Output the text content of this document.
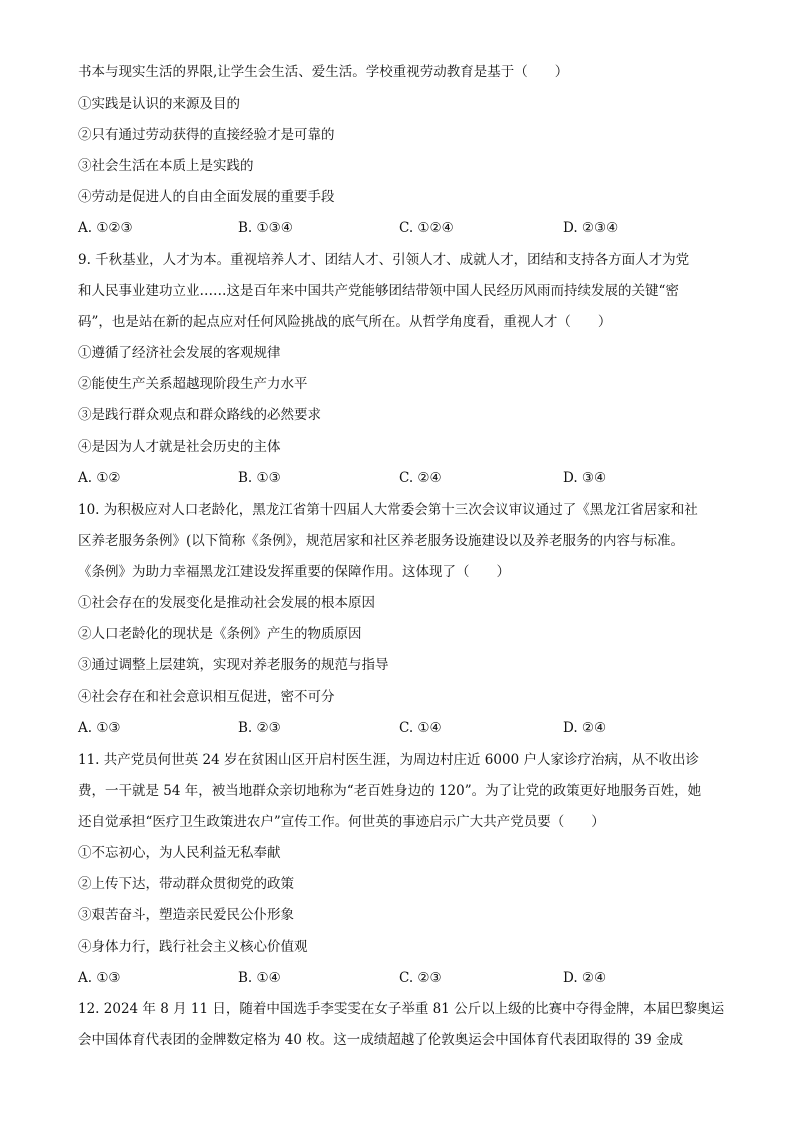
书本与现实生活的界限,让学生会生活、爱生活。学校重视劳动教育是基于（　　）
①实践是认识的来源及目的
②只有通过劳动获得的直接经验才是可靠的
③社会生活在本质上是实践的
④劳动是促进人的自由全面发展的重要手段
A. ①②③	B. ①③④	C. ①②④	D. ②③④
9. 千秋基业，人才为本。重视培养人才、团结人才、引领人才、成就人才，团结和支持各方面人才为党
和人民事业建功立业……这是百年来中国共产党能够团结带领中国人民经历风雨而持续发展的关键“密
码”，也是站在新的起点应对任何风险挑战的底气所在。从哲学角度看，重视人才（　　）
①遵循了经济社会发展的客观规律
②能使生产关系超越现阶段生产力水平
③是践行群众观点和群众路线的必然要求
④是因为人才就是社会历史的主体
A. ①②	B. ①③	C. ②④	D. ③④
10. 为积极应对人口老龄化，黑龙江省第十四届人大常委会第十三次会议审议通过了《黑龙江省居家和社
区养老服务条例》(以下简称《条例》，规范居家和社区养老服务设施建设以及养老服务的内容与标准。
《条例》为助力幸福黑龙江建设发挥重要的保障作用。这体现了（　　）
①社会存在的发展变化是推动社会发展的根本原因
②人口老龄化的现状是《条例》产生的物质原因
③通过调整上层建筑，实现对养老服务的规范与指导
④社会存在和社会意识相互促进，密不可分
A. ①③	B. ②③	C. ①④	D. ②④
11. 共产党员何世英 24 岁在贫困山区开启村医生涯，为周边村庄近 6000 户人家诊疗治病，从不收出诊
费，一干就是 54 年，被当地群众亲切地称为“老百姓身边的 120”。为了让党的政策更好地服务百姓，她
还自觉承担“医疗卫生政策进农户”宣传工作。何世英的事迹启示广大共产党员要（　　）
①不忘初心，为人民利益无私奉献
②上传下达，带动群众贯彻党的政策
③艰苦奋斗，塑造亲民爱民公仆形象
④身体力行，践行社会主义核心价值观
A. ①③	B. ①④	C. ②③	D. ②④
12. 2024 年 8 月 11 日，随着中国选手李雯雯在女子举重 81 公斤以上级的比赛中夺得金牌，本届巴黎奥运
会中国体育代表团的金牌数定格为 40 枚。这一成绩超越了伦敦奥运会中国体育代表团取得的 39 金成
